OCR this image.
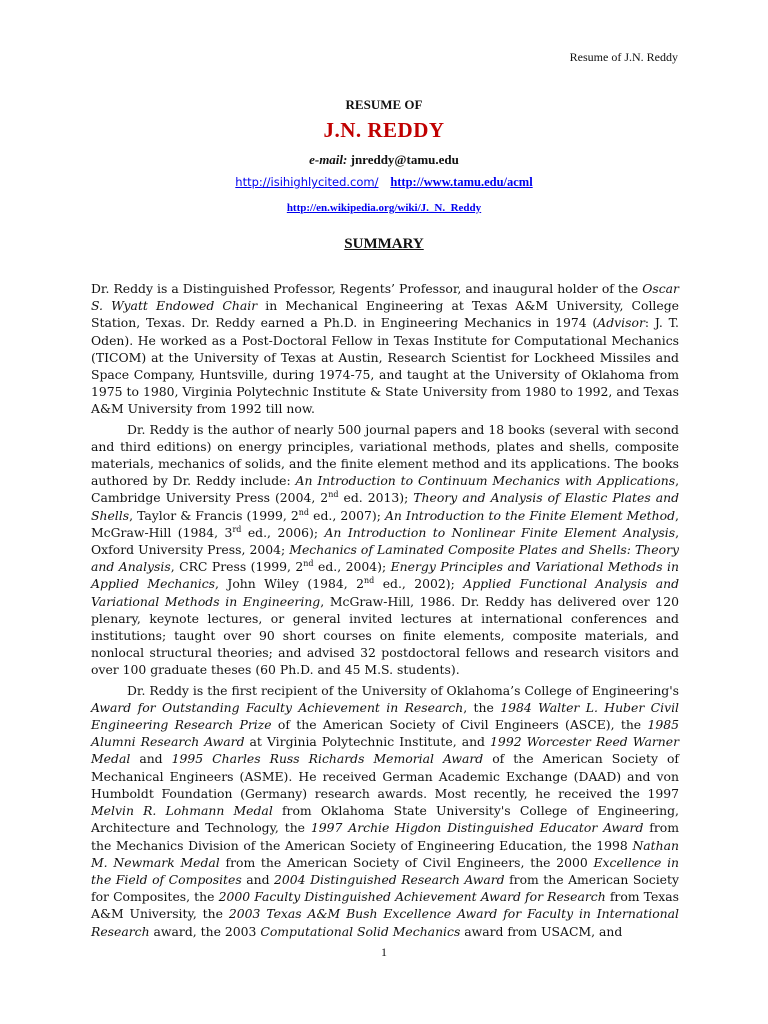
Resume of J.N. Reddy
RESUME OF
J.N. REDDY
e-mail: jnreddy@tamu.edu
http://isihighlycited.com/ http://www.tamu.edu/acml
http://en.wikipedia.org/wiki/J._N._Reddy
SUMMARY

Dr. Reddy is a Distinguished Professor, Regents’ Professor, and inaugural holder of the Oscar S. Wyatt Endowed Chair in Mechanical Engineering at Texas A&M University, College Station, Texas. Dr. Reddy earned a Ph.D. in Engineering Mechanics in 1974 (Advisor: J. T. Oden). He worked as a Post-Doctoral Fellow in Texas Institute for Computational Mechanics (TICOM) at the University of Texas at Austin, Research Scientist for Lockheed Missiles and Space Company, Huntsville, during 1974-75, and taught at the University of Oklahoma from 1975 to 1980, Virginia Polytechnic Institute & State University from 1980 to 1992, and Texas A&M University from 1992 till now.

Dr. Reddy is the author of nearly 500 journal papers and 18 books (several with second and third editions) on energy principles, variational methods, plates and shells, composite materials, mechanics of solids, and the finite element method and its applications. The books authored by Dr. Reddy include: An Introduction to Continuum Mechanics with Applications, Cambridge University Press (2004, 2nd ed. 2013); Theory and Analysis of Elastic Plates and Shells, Taylor & Francis (1999, 2nd ed., 2007); An Introduction to the Finite Element Method, McGraw-Hill (1984, 3rd ed., 2006); An Introduction to Nonlinear Finite Element Analysis, Oxford University Press, 2004; Mechanics of Laminated Composite Plates and Shells: Theory and Analysis, CRC Press (1999, 2nd ed., 2004); Energy Principles and Variational Methods in Applied Mechanics, John Wiley (1984, 2nd ed., 2002); Applied Functional Analysis and Variational Methods in Engineering, McGraw-Hill, 1986. Dr. Reddy has delivered over 120 plenary, keynote lectures, or general invited lectures at international conferences and institutions; taught over 90 short courses on finite elements, composite materials, and nonlocal structural theories; and advised 32 postdoctoral fellows and research visitors and over 100 graduate theses (60 Ph.D. and 45 M.S. students).

Dr. Reddy is the first recipient of the University of Oklahoma’s College of Engineering's Award for Outstanding Faculty Achievement in Research, the 1984 Walter L. Huber Civil Engineering Research Prize of the American Society of Civil Engineers (ASCE), the 1985 Alumni Research Award at Virginia Polytechnic Institute, and 1992 Worcester Reed Warner Medal and 1995 Charles Russ Richards Memorial Award of the American Society of Mechanical Engineers (ASME). He received German Academic Exchange (DAAD) and von Humboldt Foundation (Germany) research awards. Most recently, he received the 1997 Melvin R. Lohmann Medal from Oklahoma State University's College of Engineering, Architecture and Technology, the 1997 Archie Higdon Distinguished Educator Award from the Mechanics Division of the American Society of Engineering Education, the 1998 Nathan M. Newmark Medal from the American Society of Civil Engineers, the 2000 Excellence in the Field of Composites and 2004 Distinguished Research Award from the American Society for Composites, the 2000 Faculty Distinguished Achievement Award for Research from Texas A&M University, the 2003 Texas A&M Bush Excellence Award for Faculty in International Research award, the 2003 Computational Solid Mechanics award from USACM, and

1
